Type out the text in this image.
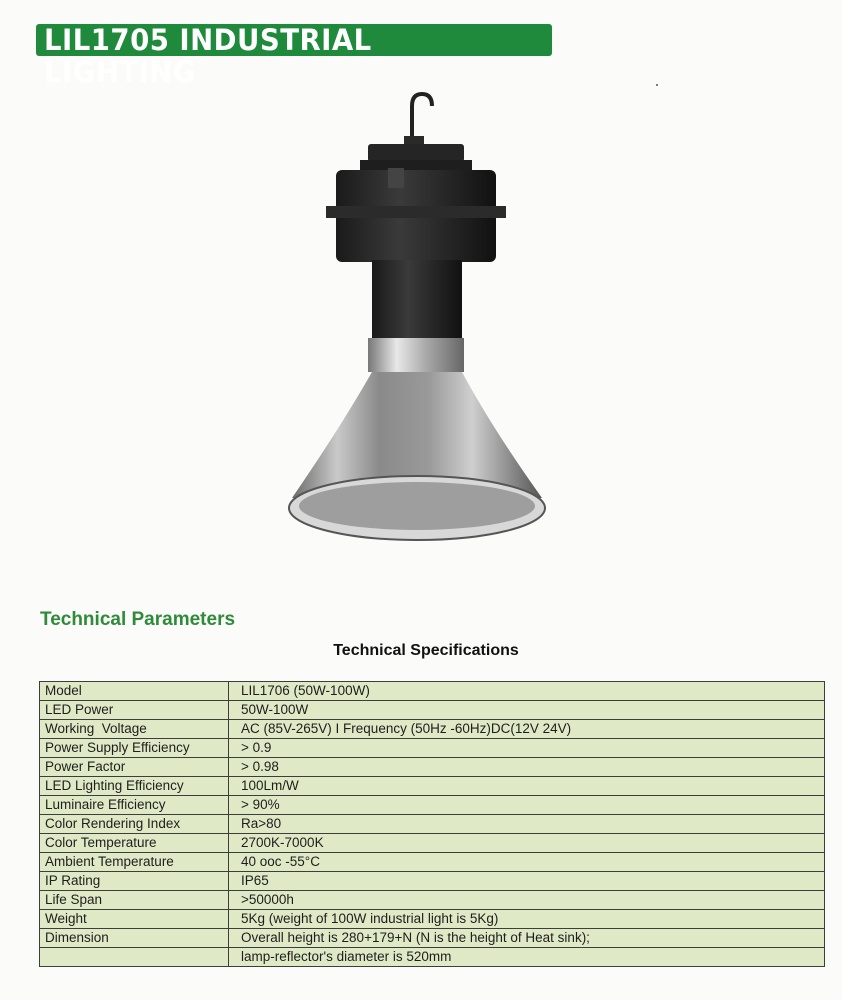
LIL1705 INDUSTRIAL LIGHTING
Technical Parameters
Technical Specifications
Model	LIL1706 (50W-100W)
LED Power	50W-100W
Working  Voltage	AC (85V-265V) I Frequency (50Hz -60Hz)DC(12V 24V)
Power Supply Efficiency	> 0.9
Power Factor	> 0.98
LED Lighting Efficiency	100Lm/W
Luminaire Efficiency	> 90%
Color Rendering Index	Ra>80
Color Temperature	2700K-7000K
Ambient Temperature	40 ooc -55°C
IP Rating	IP65
Life Span	>50000h
Weight	5Kg (weight of 100W industrial light is 5Kg)
Dimension	Overall height is 280+179+N (N is the height of Heat sink);
	lamp-reflector's diameter is 520mm
